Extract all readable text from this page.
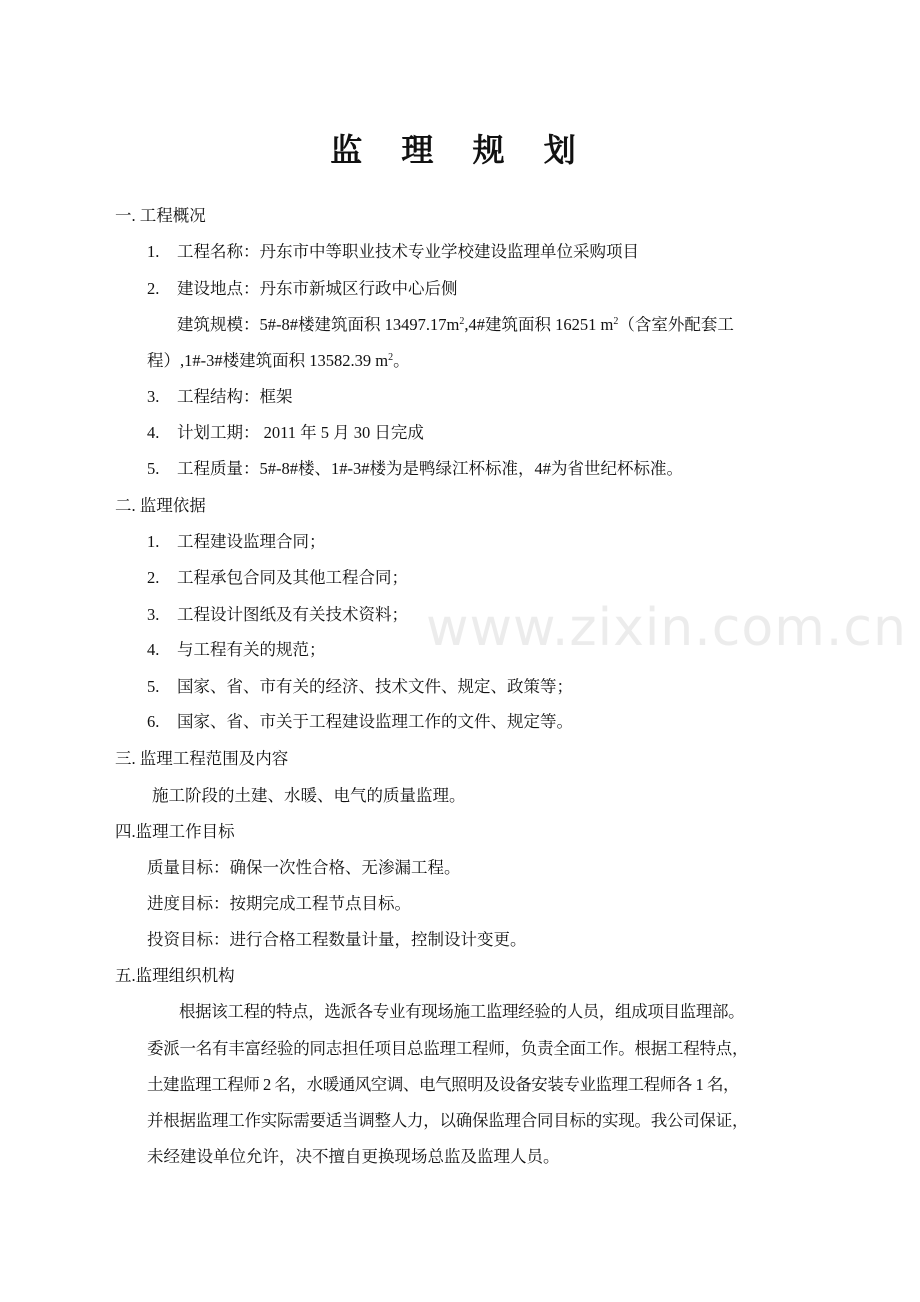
www.zixin.com.cn
监 理 规 划
一. 工程概况
1. 工程名称：丹东市中等职业技术专业学校建设监理单位采购项目
2. 建设地点：丹东市新城区行政中心后侧
建筑规模：5#-8#楼建筑面积 $13497.17m^2,4\#$建筑面积 16251 $m^2$（含室外配套工
程）,1#-3#楼建筑面积 13582.39 $m^2$。
3. 工程结构：框架
4. 计划工期： 2011 年 5 月 30 日完成
5. 工程质量：5#-8#楼、1#-3#楼为是鸭绿江杯标准，4#为省世纪杯标准。
二. 监理依据
1. 工程建设监理合同；
2. 工程承包合同及其他工程合同；
3. 工程设计图纸及有关技术资料；
4. 与工程有关的规范；
5. 国家、省、市有关的经济、技术文件、规定、政策等；
6. 国家、省、市关于工程建设监理工作的文件、规定等。
三. 监理工程范围及内容
施工阶段的土建、水暖、电气的质量监理。
四.监理工作目标
质量目标：确保一次性合格、无渗漏工程。
进度目标：按期完成工程节点目标。
投资目标：进行合格工程数量计量，控制设计变更。
五.监理组织机构
根据该工程的特点，选派各专业有现场施工监理经验的人员，组成项目监理部。
委派一名有丰富经验的同志担任项目总监理工程师，负责全面工作。根据工程特点，
土建监理工程师 2 名，水暖通风空调、电气照明及设备安装专业监理工程师各 1 名，
并根据监理工作实际需要适当调整人力，以确保监理合同目标的实现。我公司保证，
未经建设单位允许，决不擅自更换现场总监及监理人员。
